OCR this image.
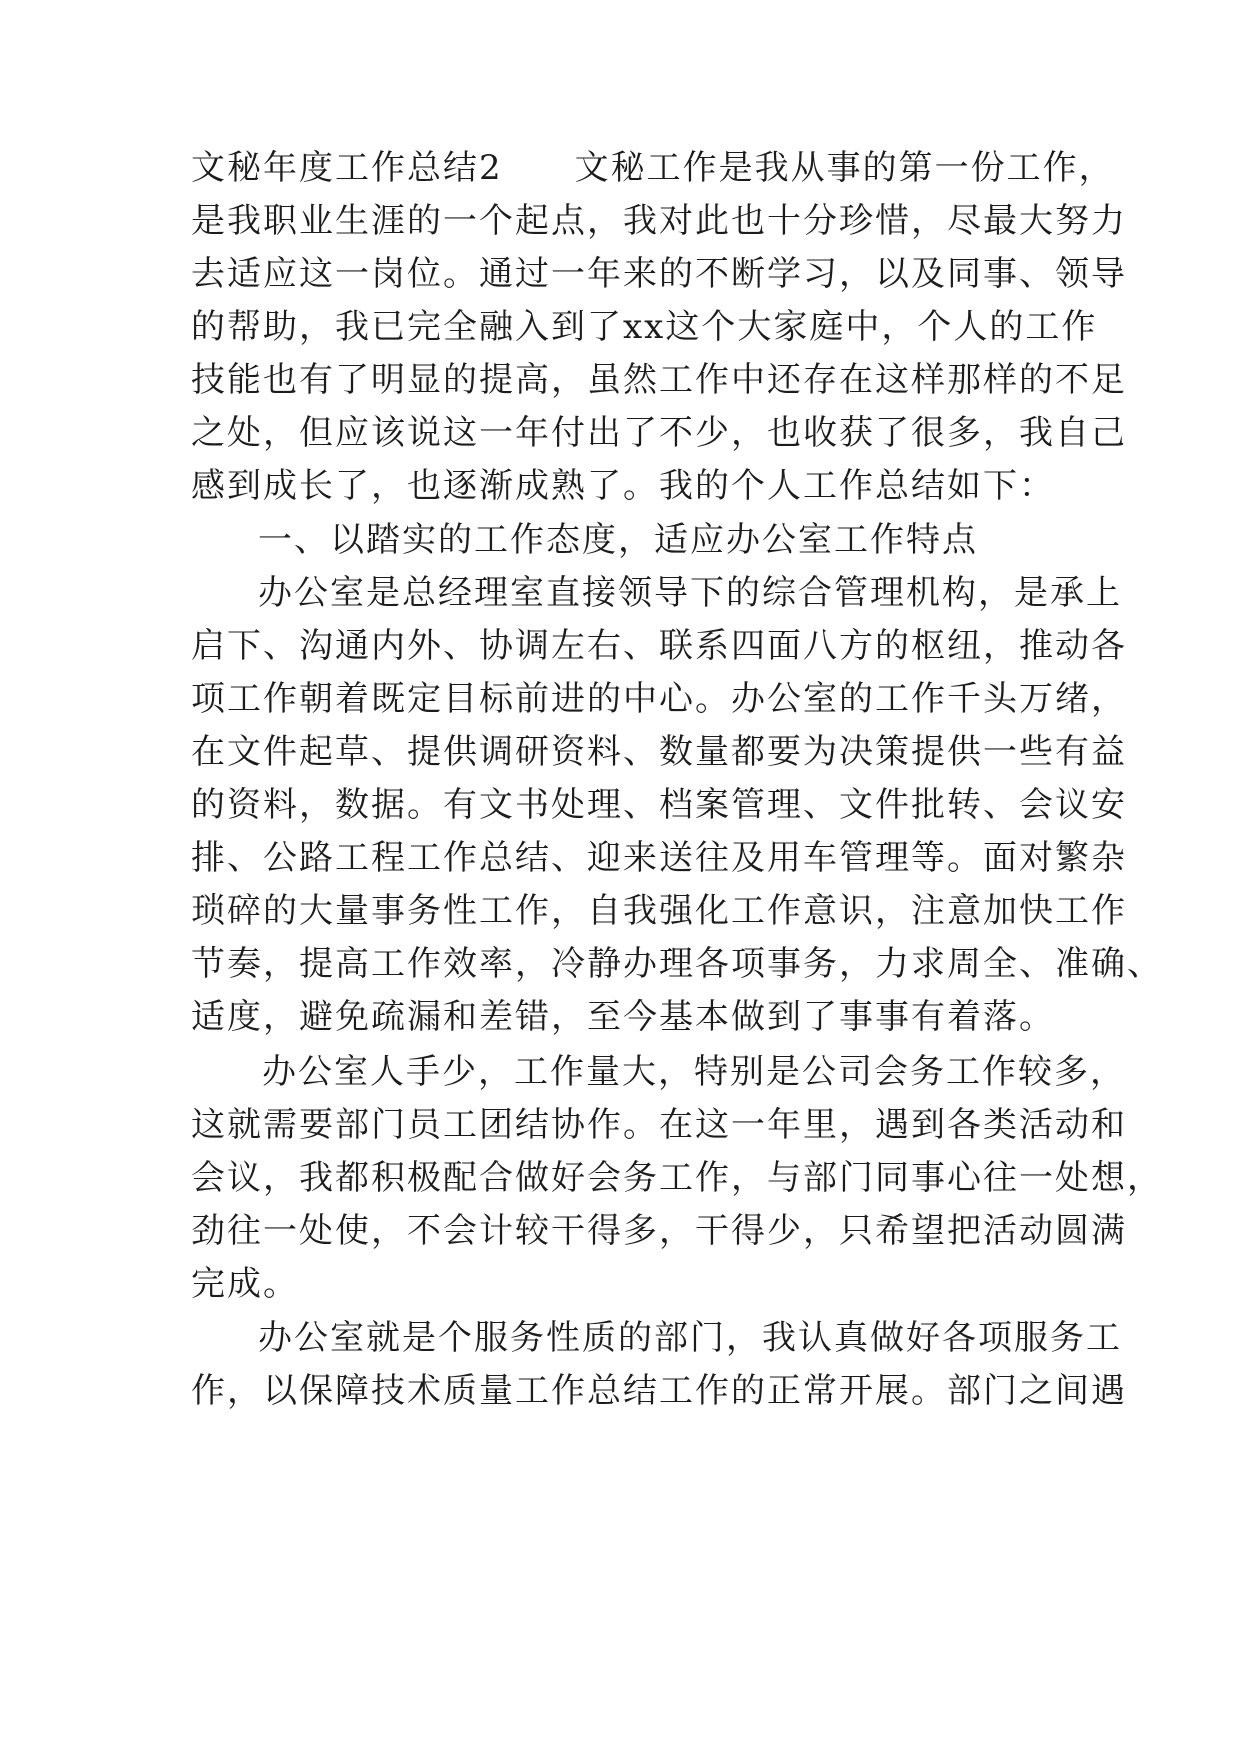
文秘年度工作总结2　　文秘工作是我从事的第一份工作，
是我职业生涯的一个起点，我对此也十分珍惜，尽最大努力
去适应这一岗位。通过一年来的不断学习，以及同事、领导
的帮助，我已完全融入到了xx这个大家庭中，个人的工作
技能也有了明显的提高，虽然工作中还存在这样那样的不足
之处，但应该说这一年付出了不少，也收获了很多，我自己
感到成长了，也逐渐成熟了。我的个人工作总结如下：
一、以踏实的工作态度，适应办公室工作特点
办公室是总经理室直接领导下的综合管理机构，是承上
启下、沟通内外、协调左右、联系四面八方的枢纽，推动各
项工作朝着既定目标前进的中心。办公室的工作千头万绪，
在文件起草、提供调研资料、数量都要为决策提供一些有益
的资料，数据。有文书处理、档案管理、文件批转、会议安
排、公路工程工作总结、迎来送往及用车管理等。面对繁杂
琐碎的大量事务性工作，自我强化工作意识，注意加快工作
节奏，提高工作效率，冷静办理各项事务，力求周全、准确、
适度，避免疏漏和差错，至今基本做到了事事有着落。
办公室人手少，工作量大，特别是公司会务工作较多，
这就需要部门员工团结协作。在这一年里，遇到各类活动和
会议，我都积极配合做好会务工作，与部门同事心往一处想，
劲往一处使，不会计较干得多，干得少，只希望把活动圆满
完成。
办公室就是个服务性质的部门，我认真做好各项服务工
作，以保障技术质量工作总结工作的正常开展。部门之间遇
